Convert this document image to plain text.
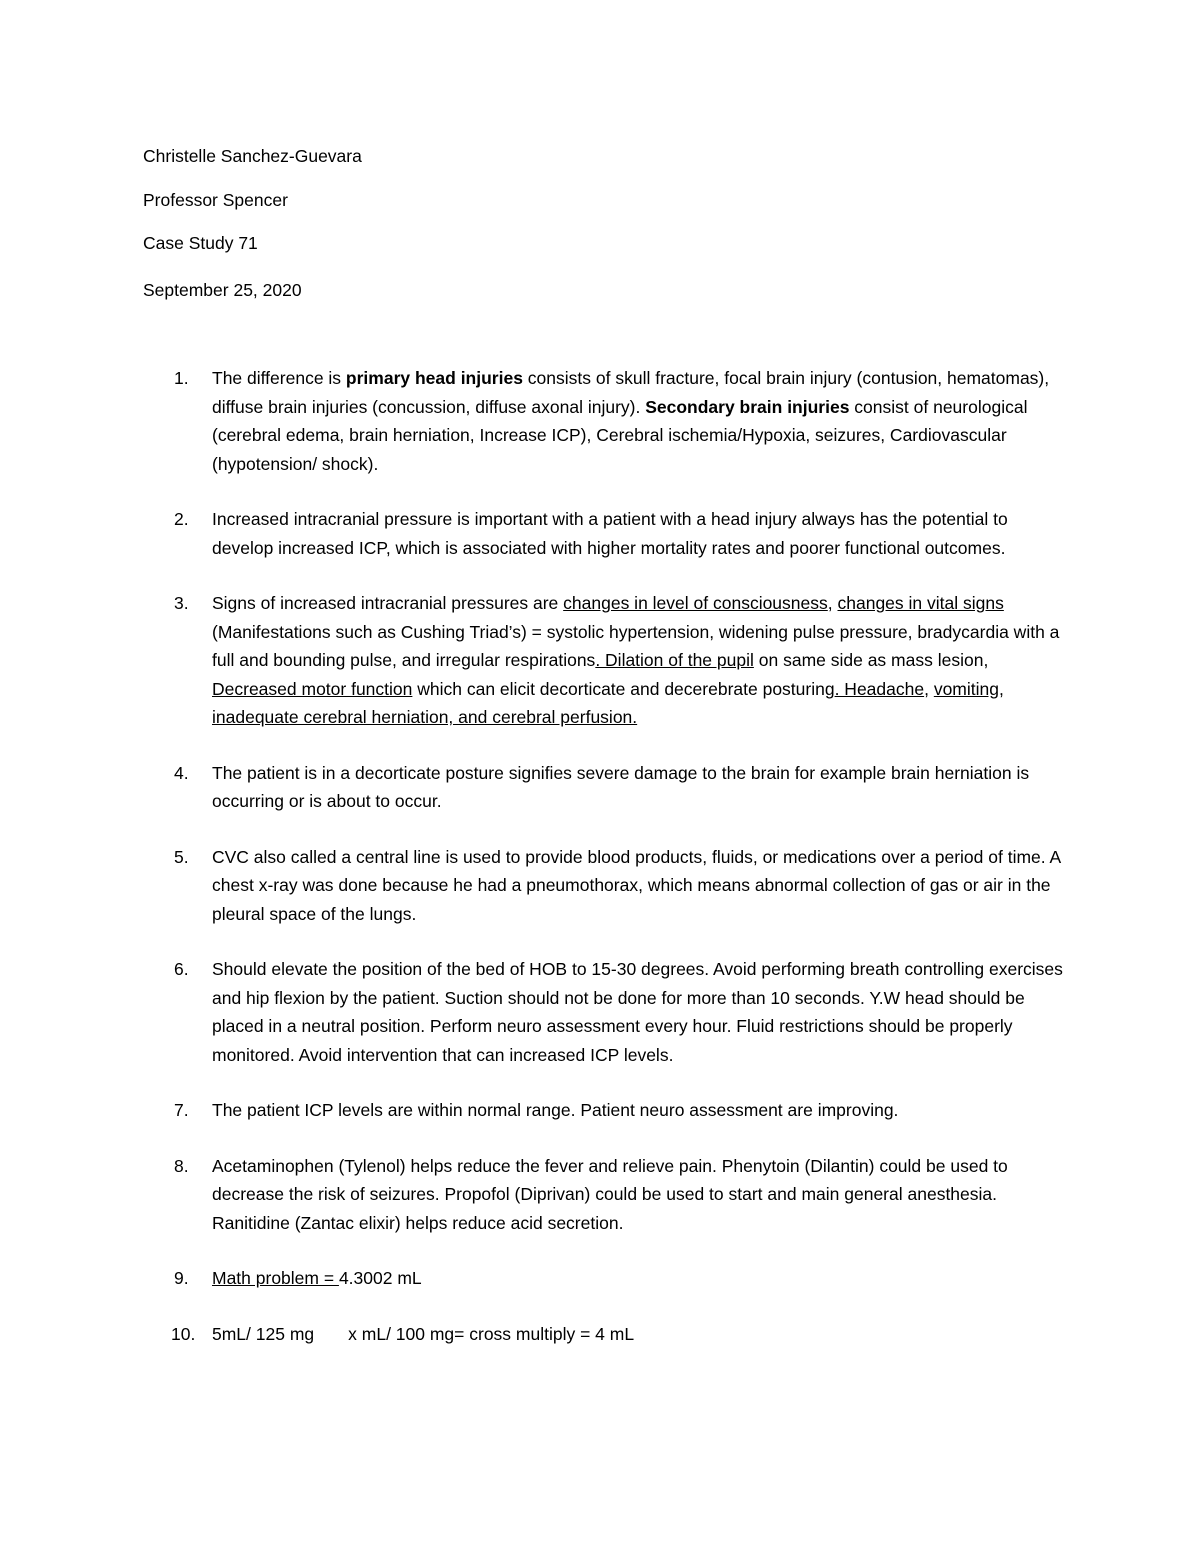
Christelle Sanchez-Guevara
Professor Spencer
Case Study 71
September 25, 2020
1. The difference is primary head injuries consists of skull fracture, focal brain injury (contusion, hematomas), diffuse brain injuries (concussion, diffuse axonal injury). Secondary brain injuries consist of neurological (cerebral edema, brain herniation, Increase ICP), Cerebral ischemia/Hypoxia, seizures, Cardiovascular (hypotension/ shock).
2. Increased intracranial pressure is important with a patient with a head injury always has the potential to develop increased ICP, which is associated with higher mortality rates and poorer functional outcomes.
3. Signs of increased intracranial pressures are changes in level of consciousness, changes in vital signs (Manifestations such as Cushing Triad’s) = systolic hypertension, widening pulse pressure, bradycardia with a full and bounding pulse, and irregular respirations. Dilation of the pupil on same side as mass lesion, Decreased motor function which can elicit decorticate and decerebrate posturing. Headache, vomiting, inadequate cerebral herniation, and cerebral perfusion.
4. The patient is in a decorticate posture signifies severe damage to the brain for example brain herniation is occurring or is about to occur.
5. CVC also called a central line is used to provide blood products, fluids, or medications over a period of time. A chest x-ray was done because he had a pneumothorax, which means abnormal collection of gas or air in the pleural space of the lungs.
6. Should elevate the position of the bed of HOB to 15-30 degrees. Avoid performing breath controlling exercises and hip flexion by the patient. Suction should not be done for more than 10 seconds. Y.W head should be placed in a neutral position. Perform neuro assessment every hour. Fluid restrictions should be properly monitored. Avoid intervention that can increased ICP levels.
7. The patient ICP levels are within normal range. Patient neuro assessment are improving.
8. Acetaminophen (Tylenol) helps reduce the fever and relieve pain. Phenytoin (Dilantin) could be used to decrease the risk of seizures. Propofol (Diprivan) could be used to start and main general anesthesia. Ranitidine (Zantac elixir) helps reduce acid secretion.
9. Math problem = 4.3002 mL
10. 5mL/ 125 mg x mL/ 100 mg= cross multiply = 4 mL
